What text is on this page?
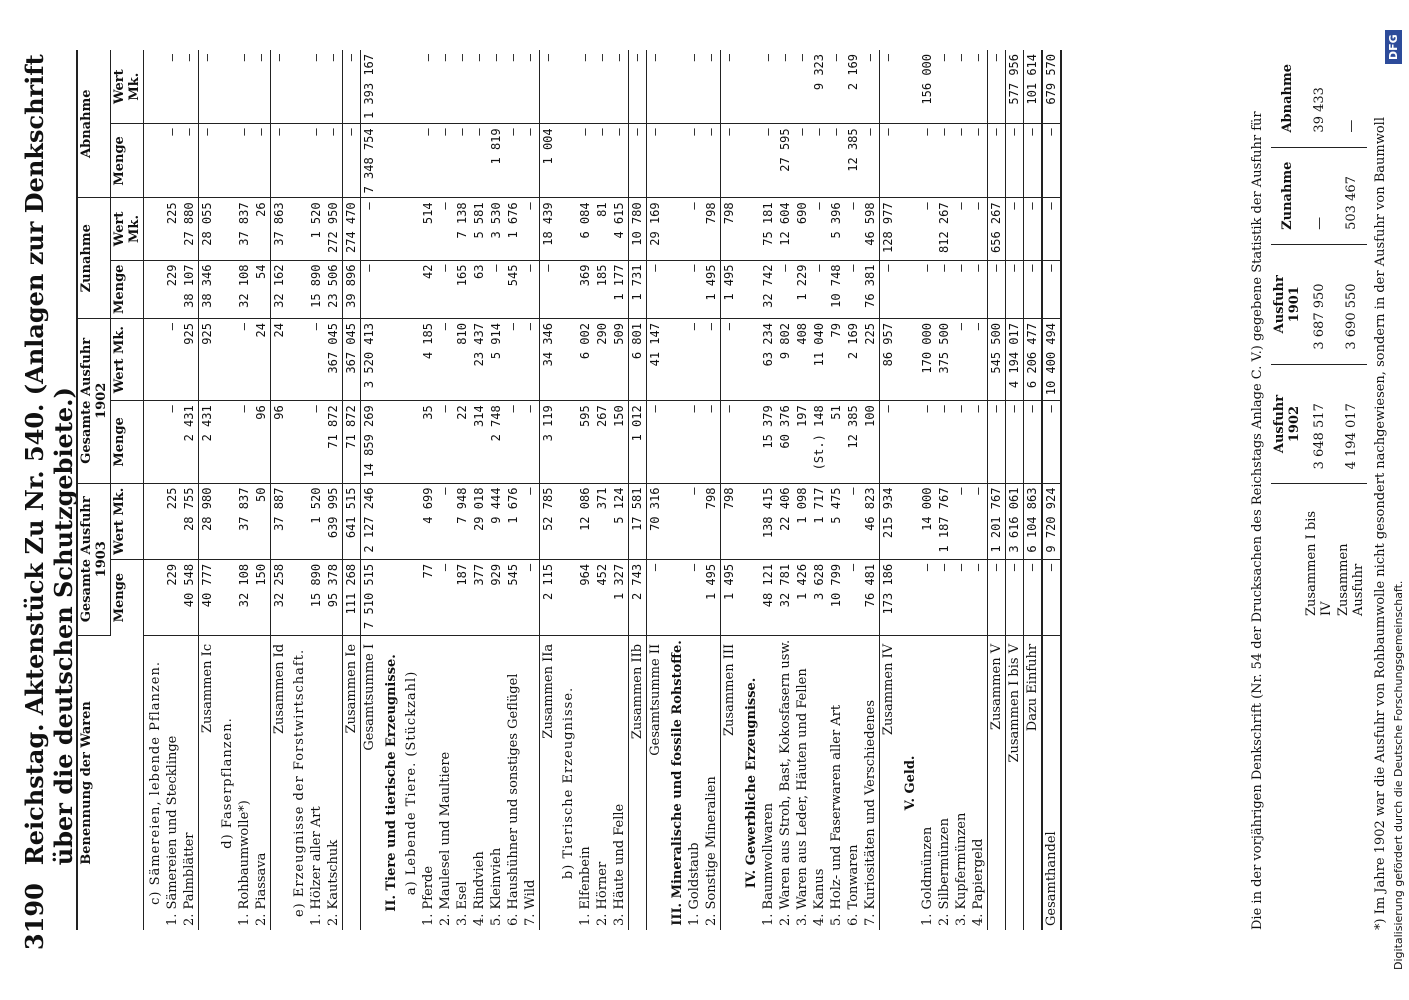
3190
Reichstag. Aktenstück Zu Nr. 540. (Anlagen zur Denkschrift über die deutschen Schutzgebiete.) Benennung der Waren	Gesamte Ausfuhr 1903		Gesamte Ausfuhr 1902		Zunahme		Abnahme	
	Menge	Wert Mk.	Menge	Wert Mk.	Menge	Wert Mk.	Menge	Wert Mk.
c) Sämereien, lebende Pflanzen.								
1. Sämereien und Stecklinge	229	225	—	—	229	225	—	—
2. Palmblätter	40 548	28 755	2 431	925	38 107	27 880	—	—
Zusammen Ic	40 777	28 980	2 431	925	38 346	28 055	—	—
d) Faserpflanzen.								
1. Rohbaumwolle*)	32 108	37 837	—	—	32 108	37 837	—	—
2. Piassava	150	50	96	24	54	26	—	—
Zusammen Id	32 258	37 887	96	24	32 162	37 863	—	—
e) Erzeugnisse der Forstwirtschaft.								
1. Hölzer aller Art	15 890	1 520	—	—	15 890	1 520	—	—
2. Kautschuk	95 378	639 995	71 872	367 045	23 506	272 950	—	—
Zusammen Ie	111 268	641 515	71 872	367 045	39 896	274 470	—	—
Gesamtsumme I	7 510 515	2 127 246	14 859 269	3 520 413	—	—	7 348 754	1 393 167
II. Tiere und tierische Erzeugnisse.								
a) Lebende Tiere. (Stückzahl)								
1. Pferde	77	4 699	35	4 185	42	514	—	—
2. Maulesel und Maultiere	—	—	—	—	—	—	—	—
3. Esel	187	7 948	22	810	165	7 138	—	—
4. Rindvieh	377	29 018	314	23 437	63	5 581	—	—
5. Kleinvieh	929	9 444	2 748	5 914	—	3 530	1 819	—
6. Haushühner und sonstiges Geflügel	545	1 676	—	—	545	1 676	—	—
7. Wild	—	—	—	—	—	—	—	—
Zusammen IIa	2 115	52 785	3 119	34 346	—	18 439	1 004	—
b) Tierische Erzeugnisse.								
1. Elfenbein	964	12 086	595	6 002	369	6 084	—	—
2. Hörner	452	371	267	290	185	81	—	—
3. Häute und Felle	1 327	5 124	150	509	1 177	4 615	—	—
Zusammen IIb	2 743	17 581	1 012	6 801	1 731	10 780	—	—
Gesamtsumme II	—	70 316	—	41 147	—	29 169	—	—
III. Mineralische und fossile Rohstoffe.								
1. Goldstaub	—	—	—	—	—	—	—	—
2. Sonstige Mineralien	1 495	798	—	—	1 495	798	—	—
Zusammen III	1 495	798	—	—	1 495	798	—	—
IV. Gewerbliche Erzeugnisse.								
1. Baumwollwaren	48 121	138 415	15 379	63 234	32 742	75 181	—	—
2. Waren aus Stroh, Bast, Kokosfasern usw.	32 781	22 406	60 376	9 802	—	12 604	27 595	—
3. Waren aus Leder, Häuten und Fellen	1 426	1 098	197	408	1 229	690	—	—
4. Kanus	3 628	1 717	(St.) 148	11 040	—	—	—	9 323
5. Holz- und Faserwaren aller Art	10 799	5 475	51	79	10 748	5 396	—	—
6. Tonwaren	—	—	12 385	2 169	—	—	12 385	2 169
7. Kuriositäten und Verschiedenes	76 481	46 823	100	225	76 381	46 598	—	—
Zusammen IV	173 186	215 934	—	86 957	—	128 977	—	—
V. Geld.								
1. Goldmünzen	—	14 000	—	170 000	—	—	—	156 000
2. Silbermünzen	—	1 187 767	—	375 500	—	812 267	—	—
3. Kupfermünzen	—	—	—	—	—	—	—	—
4. Papiergeld	—	—	—	—	—	—	—	—
Zusammen V	—	1 201 767	—	545 500	—	656 267	—	—
Zusammen I bis V	—	3 616 061	—	4 194 017	—	—	—	577 956
Dazu Einfuhr	—	6 104 863	—	6 206 477	—	—	—	101 614
Gesamthandel	—	9 720 924	—	10 400 494	—	—	—	679 570
Die in der vorjährigen Denkschrift (Nr. 54 der Drucksachen des Reichstags Anlage C. V.) gegebene Statistik der Ausfuhr für
	Ausfuhr 1902	Ausfuhr 1901	Zunahme	Abnahme
Zusammen I bis IV	3 648 517	3 687 950	—	39 433
Zusammen Ausfuhr	4 194 017	3 690 550	503 467	— *) Im Jahre 1902 war die Ausfuhr von Rohbaumwolle nicht gesondert nachgewiesen, sondern in der Ausfuhr von Baumwoll Digitalisierung gefördert durch die Deutsche Forschungsgemeinschaft.
DFG
